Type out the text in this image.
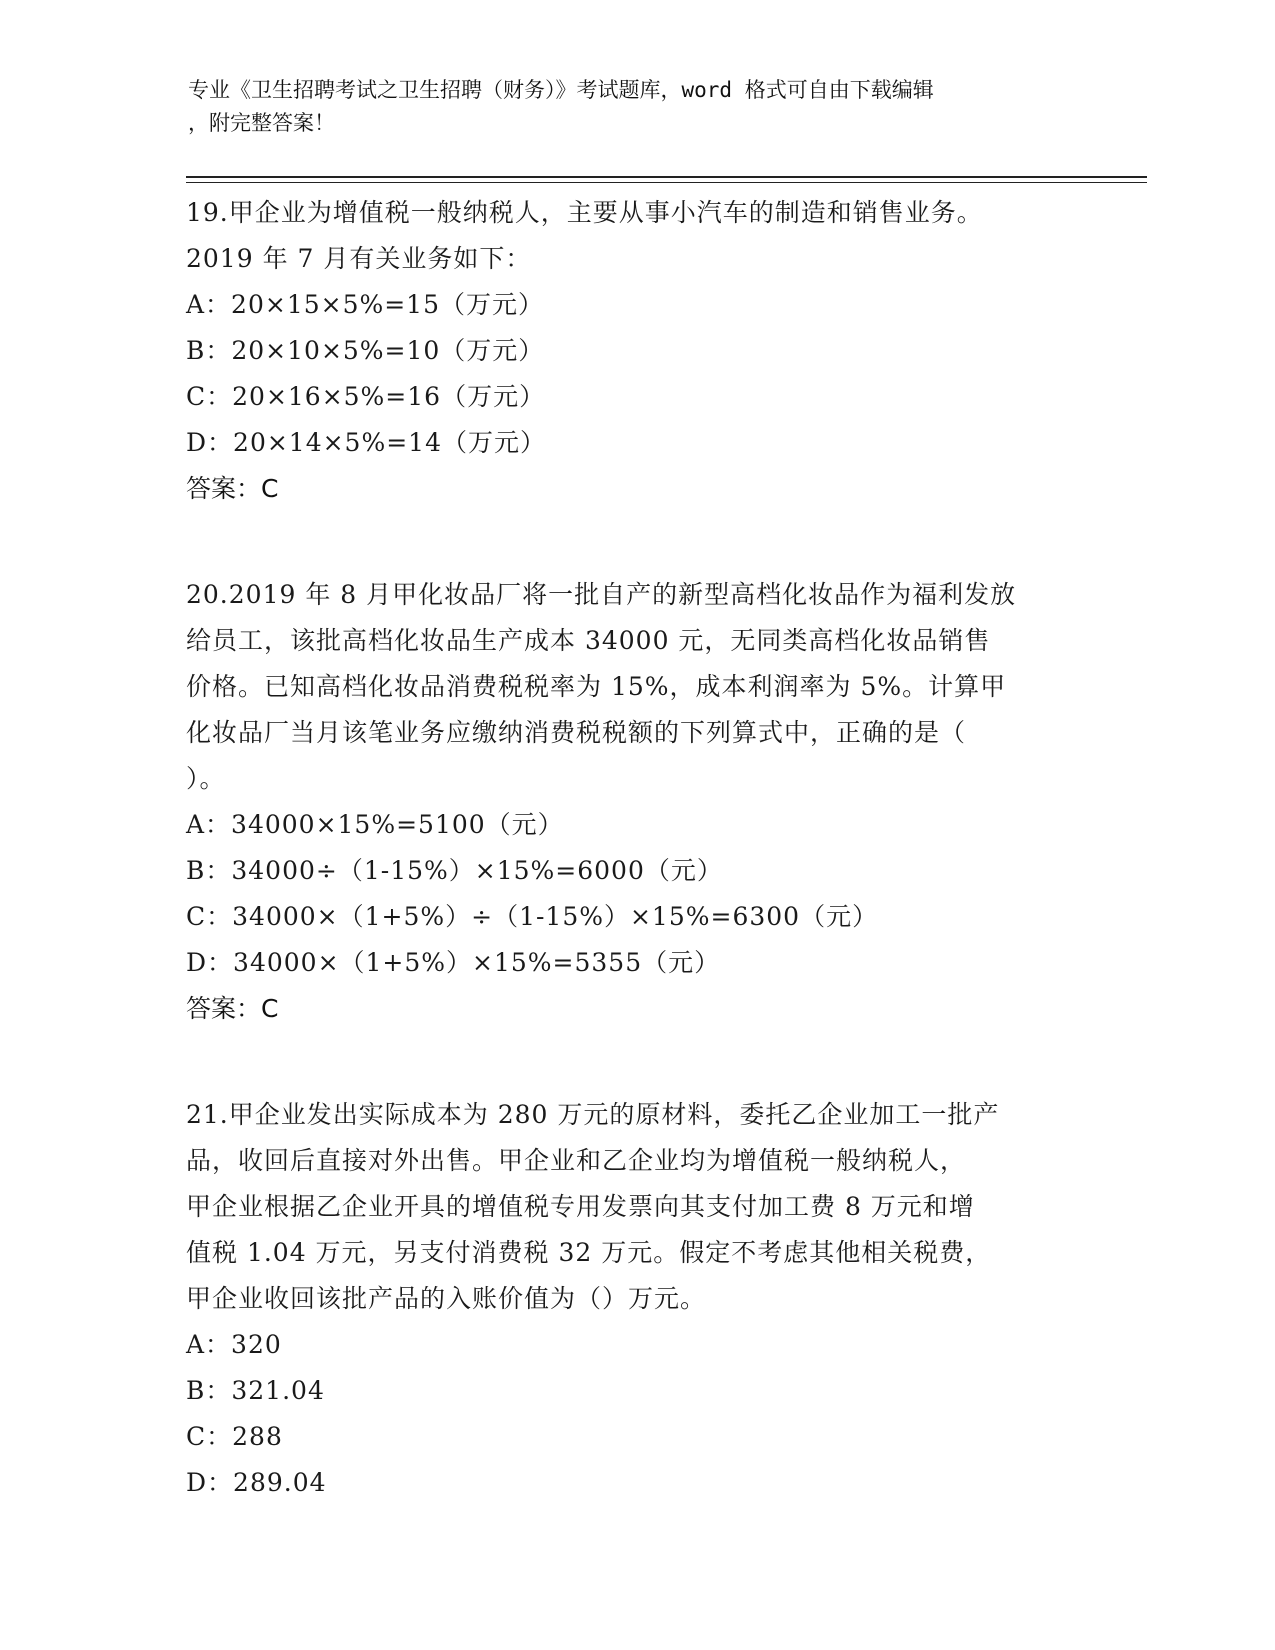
专业《卫生招聘考试之卫生招聘（财务）》考试题库，word 格式可自由下载编辑
，附完整答案！
19.甲企业为增值税一般纳税人，主要从事小汽车的制造和销售业务。
2019 年 7 月有关业务如下：
A：20×15×5%=15（万元）
B：20×10×5%=10（万元）
C：20×16×5%=16（万元）
D：20×14×5%=14（万元）
答案：C
20.2019 年 8 月甲化妆品厂将一批自产的新型高档化妆品作为福利发放
给员工，该批高档化妆品生产成本 34000 元，无同类高档化妆品销售
价格。已知高档化妆品消费税税率为 15%，成本利润率为 5%。计算甲
化妆品厂当月该笔业务应缴纳消费税税额的下列算式中，正确的是（
）。
A：34000×15%=5100（元）
B：34000÷（1-15%）×15%=6000（元）
C：34000×（1+5%）÷（1-15%）×15%=6300（元）
D：34000×（1+5%）×15%=5355（元）
答案：C
21.甲企业发出实际成本为 280 万元的原材料，委托乙企业加工一批产
品，收回后直接对外出售。甲企业和乙企业均为增值税一般纳税人，
甲企业根据乙企业开具的增值税专用发票向其支付加工费 8 万元和增
值税 1.04 万元，另支付消费税 32 万元。假定不考虑其他相关税费，
甲企业收回该批产品的入账价值为（）万元。
A：320
B：321.04
C：288
D：289.04
